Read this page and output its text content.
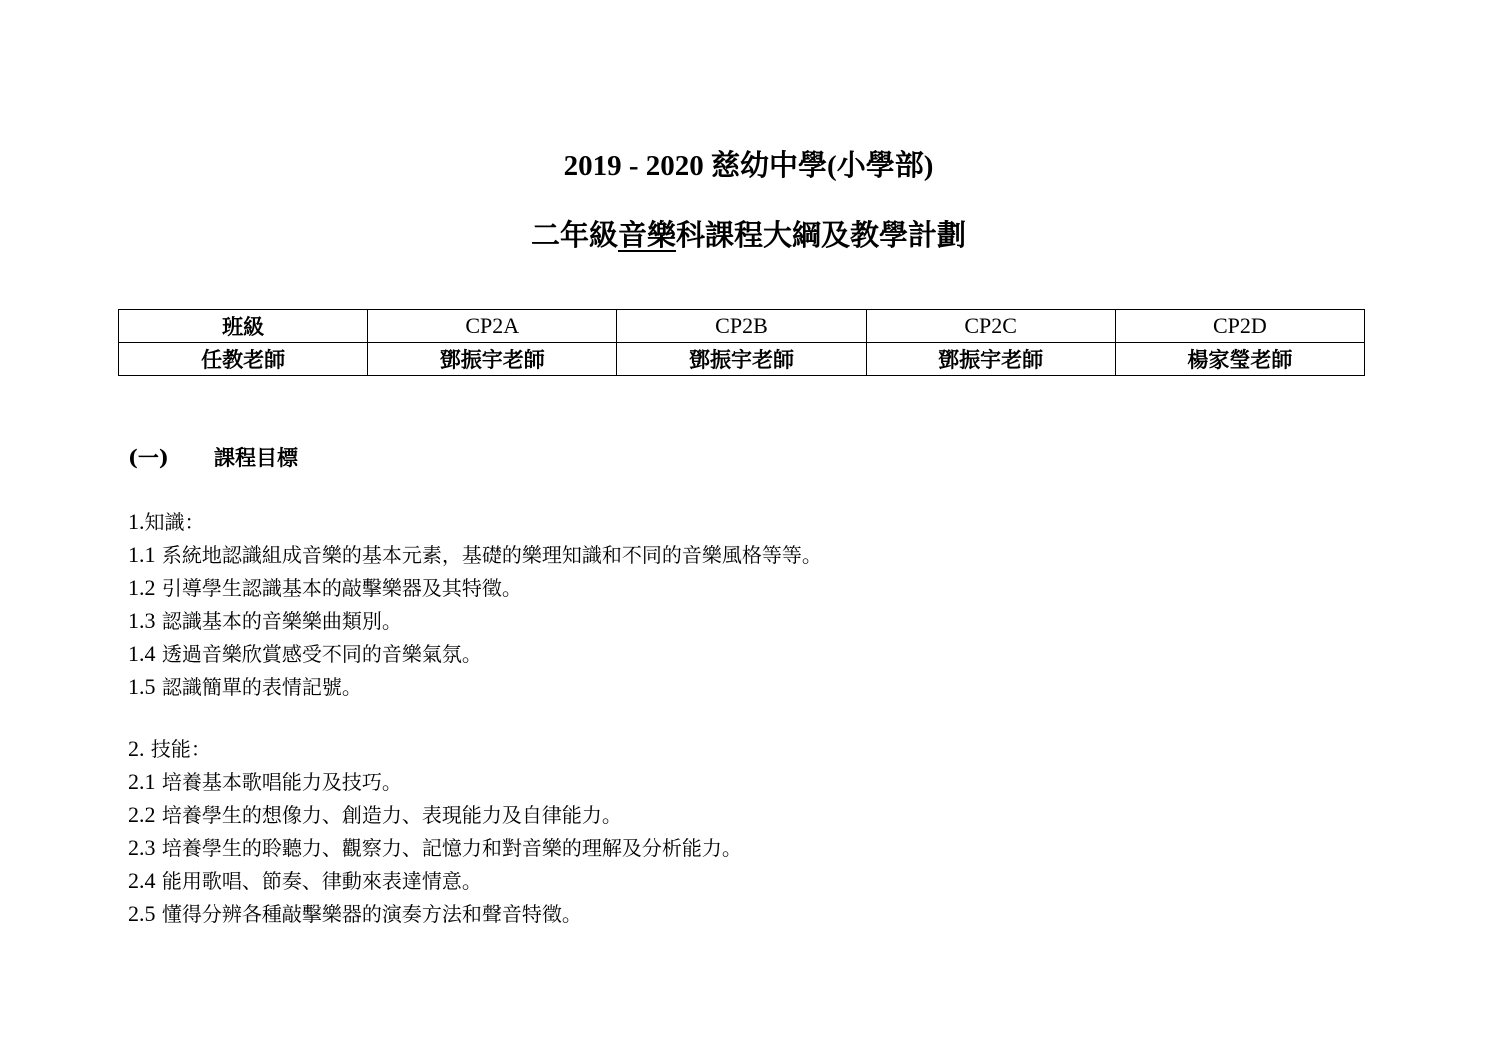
2019 - 2020 慈幼中學(小學部)
二年級音樂科課程大綱及教學計劃
班級	CP2A	CP2B	CP2C	CP2D
任教老師	鄧振宇老師	鄧振宇老師	鄧振宇老師	楊家瑩老師
(一) 課程目標
1.知識：
1.1 系統地認識組成音樂的基本元素，基礎的樂理知識和不同的音樂風格等等。
1.2 引導學生認識基本的敲擊樂器及其特徵。
1.3 認識基本的音樂樂曲類別。
1.4 透過音樂欣賞感受不同的音樂氣氛。
1.5 認識簡單的表情記號。
2. 技能：
2.1 培養基本歌唱能力及技巧。
2.2 培養學生的想像力、創造力、表現能力及自律能力。
2.3 培養學生的聆聽力、觀察力、記憶力和對音樂的理解及分析能力。
2.4 能用歌唱、節奏、律動來表達情意。
2.5 懂得分辨各種敲擊樂器的演奏方法和聲音特徵。
